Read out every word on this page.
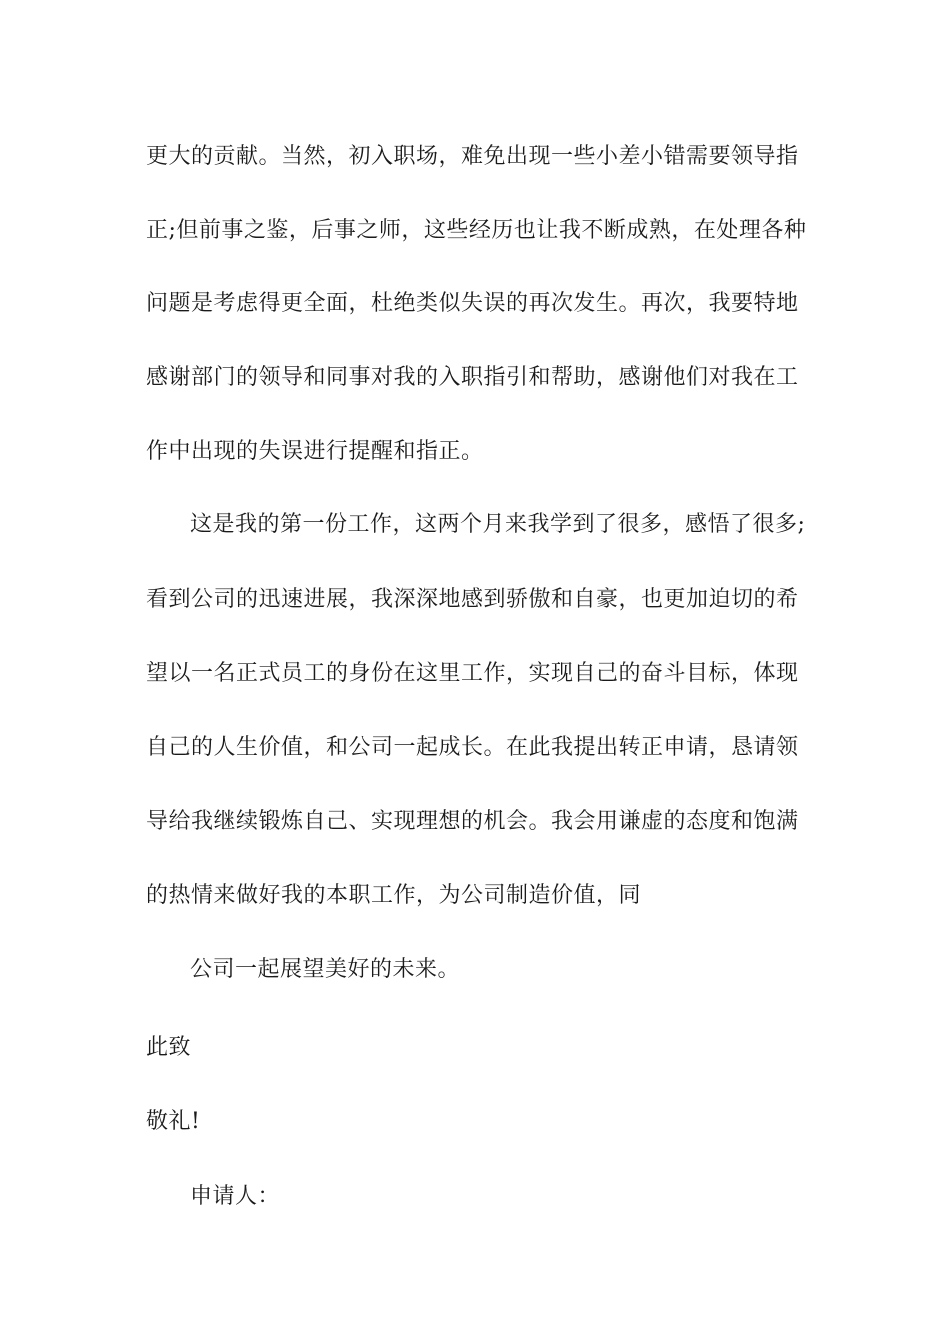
更大的贡献。当然，初入职场，难免出现一些小差小错需要领导指
正;但前事之鉴，后事之师，这些经历也让我不断成熟，在处理各种
问题是考虑得更全面，杜绝类似失误的再次发生。再次，我要特地
感谢部门的领导和同事对我的入职指引和帮助，感谢他们对我在工
作中出现的失误进行提醒和指正。
这是我的第一份工作，这两个月来我学到了很多，感悟了很多;
看到公司的迅速进展，我深深地感到骄傲和自豪，也更加迫切的希
望以一名正式员工的身份在这里工作，实现自己的奋斗目标，体现
自己的人生价值，和公司一起成长。在此我提出转正申请，恳请领
导给我继续锻炼自己、实现理想的机会。我会用谦虚的态度和饱满
的热情来做好我的本职工作，为公司制造价值，同
公司一起展望美好的未来。
此致
敬礼!
申请人：
